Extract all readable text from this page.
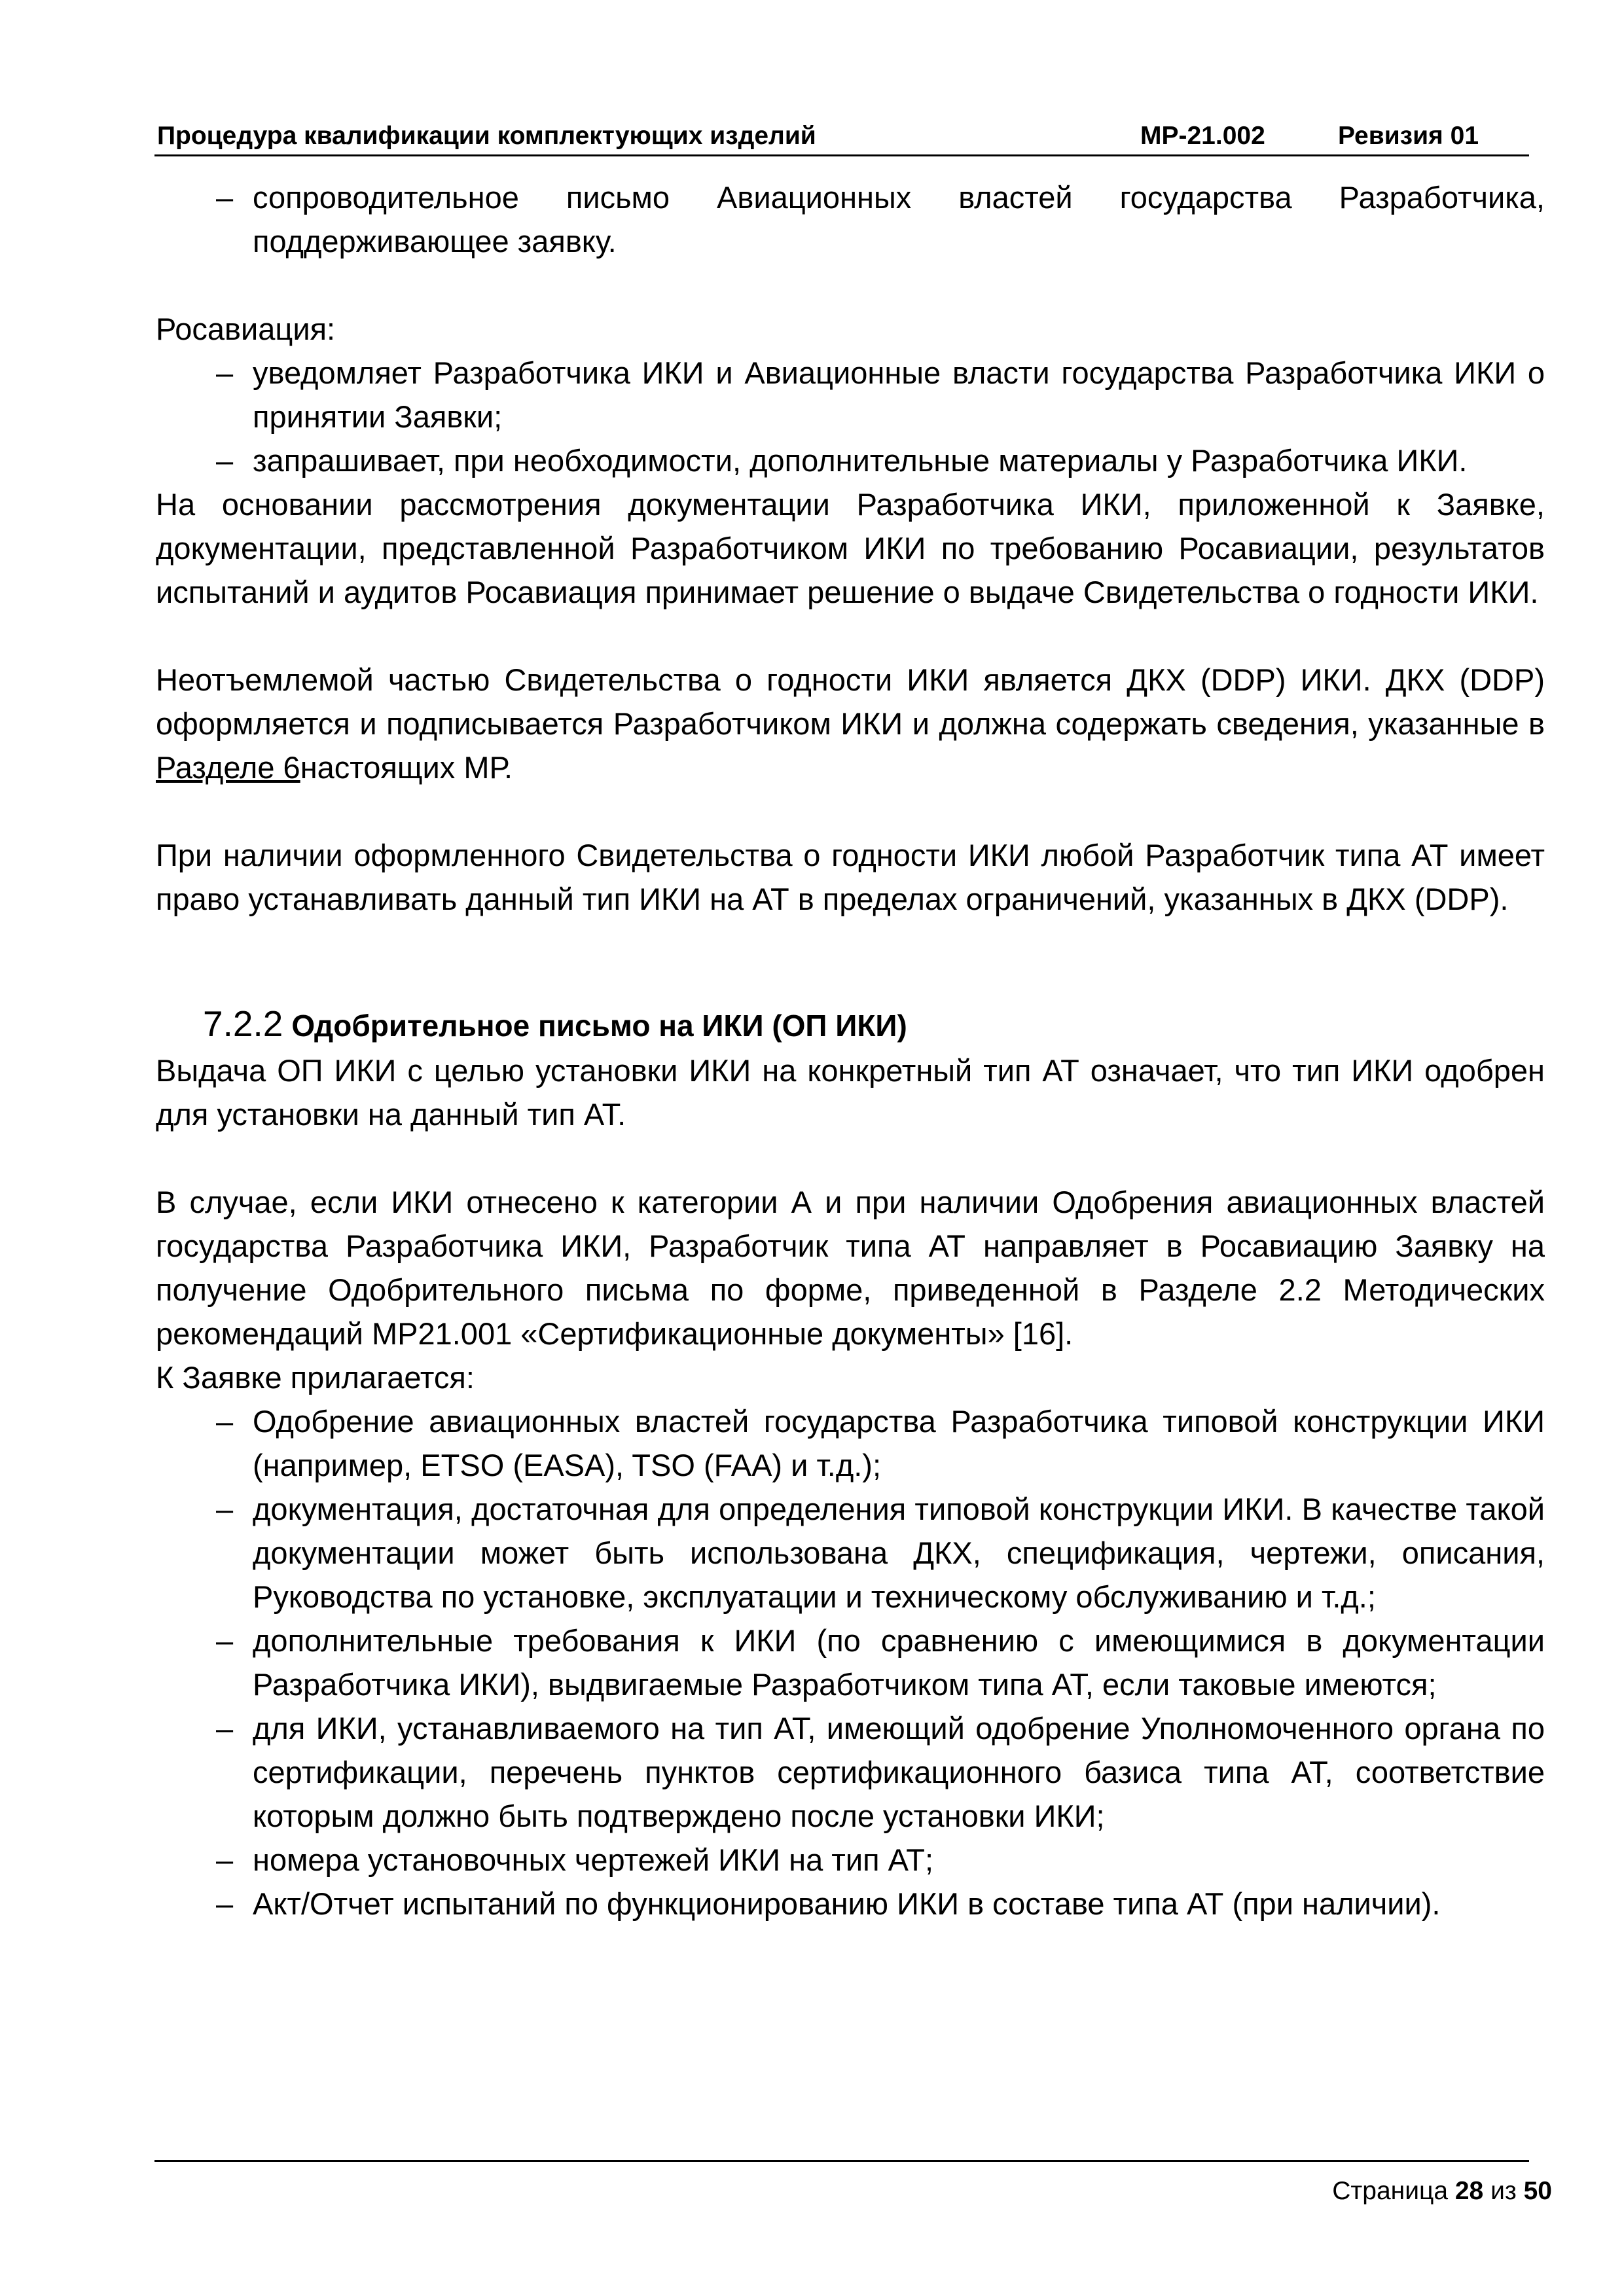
Процедура квалификации комплектующих изделий	МР-21.002	Ревизия 01
– сопроводительное письмо Авиационных властей государства Разработчика, поддерживающее заявку.

Росавиация:

– уведомляет Разработчика ИКИ и Авиационные власти государства Разработчика ИКИ о принятии Заявки;
– запрашивает, при необходимости, дополнительные материалы у Разработчика ИКИ.

На основании рассмотрения документации Разработчика ИКИ, приложенной к Заявке, документации, представленной Разработчиком ИКИ по требованию Росавиации, результатов испытаний и аудитов Росавиация принимает решение о выдаче Свидетельства о годности ИКИ.

Неотъемлемой частью Свидетельства о годности ИКИ является ДКХ (DDP) ИКИ. ДКХ (DDP) оформляется и подписывается Разработчиком ИКИ и должна содержать сведения, указанные в Разделе 6настоящих МР.

При наличии оформленного Свидетельства о годности ИКИ любой Разработчик типа АТ имеет право устанавливать данный тип ИКИ на АТ в пределах ограничений, указанных в ДКХ (DDP).

7.2.2 Одобрительное письмо на ИКИ (ОП ИКИ)

Выдача ОП ИКИ с целью установки ИКИ на конкретный тип АТ означает, что тип ИКИ одобрен для установки на данный тип АТ.

В случае, если ИКИ отнесено к категории А и при наличии Одобрения авиационных властей государства Разработчика ИКИ, Разработчик типа АТ направляет в Росавиацию Заявку на получение Одобрительного письма по форме, приведенной в Разделе 2.2 Методических рекомендаций МР21.001 «Сертификационные документы» [16].

К Заявке прилагается:

– Одобрение авиационных властей государства Разработчика типовой конструкции ИКИ (например, ETSO (EASA), TSO (FAA) и т.д.);
– документация, достаточная для определения типовой конструкции ИКИ. В качестве такой документации может быть использована ДКХ, спецификация, чертежи, описания, Руководства по установке, эксплуатации и техническому обслуживанию и т.д.;
– дополнительные требования к ИКИ (по сравнению с имеющимися в документации Разработчика ИКИ), выдвигаемые Разработчиком типа АТ, если таковые имеются;
– для ИКИ, устанавливаемого на тип АТ, имеющий одобрение Уполномоченного органа по сертификации, перечень пунктов сертификационного базиса типа АТ, соответствие которым должно быть подтверждено после установки ИКИ;
– номера установочных чертежей ИКИ на тип АТ;
– Акт/Отчет испытаний по функционированию ИКИ в составе типа АТ (при наличии).
Страница 28 из 50
